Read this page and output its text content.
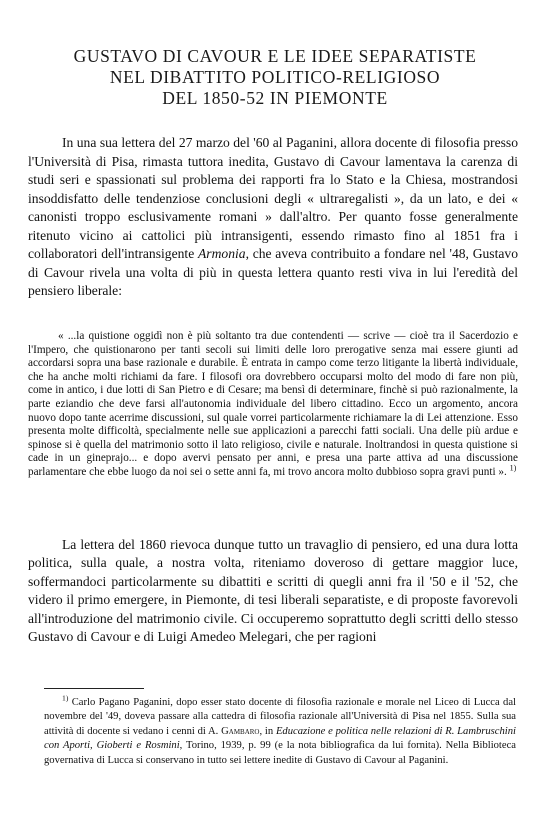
GUSTAVO DI CAVOUR E LE IDEE SEPARATISTE
NEL DIBATTITO POLITICO-RELIGIOSO
DEL 1850-52 IN PIEMONTE

In una sua lettera del 27 marzo del '60 al Paganini, allora docente di filosofia presso l'Università di Pisa, rimasta tuttora inedita, Gustavo di Cavour lamentava la carenza di studi seri e spassionati sul problema dei rapporti fra lo Stato e la Chiesa, mostrandosi insoddisfatto delle tendenziose conclusioni degli « ultraregalisti », da un lato, e dei « canonisti troppo esclusivamente romani » dall'altro. Per quanto fosse generalmente ritenuto vicino ai cattolici più intransigenti, essendo rimasto fino al 1851 fra i collaboratori dell'intransigente Armonia, che aveva contribuito a fondare nel '48, Gustavo di Cavour rivela una volta di più in questa lettera quanto resti viva in lui l'eredità del pensiero liberale:

« ...la quistione oggidì non è più soltanto tra due contendenti — scrive — cioè tra il Sacerdozio e l'Impero, che quistionarono per tanti secoli sui limiti delle loro prerogative senza mai essere giunti ad accordarsi sopra una base razionale e durabile. È entrata in campo come terzo litigante la libertà individuale, che ha anche molti richiami da fare. I filosofi ora dovrebbero occuparsi molto del modo di fare non più, come in antico, i due lotti di San Pietro e di Cesare; ma bensì di determinare, finchè si può razionalmente, la parte eziandio che deve farsi all'autonomia individuale del libero cittadino. Ecco un argomento, ancora nuovo dopo tante acerrime discussioni, sul quale vorrei particolarmente richiamare la di Lei attenzione. Esso presenta molte difficoltà, specialmente nelle sue applicazioni a parecchi fatti sociali. Una delle più ardue e spinose si è quella del matrimonio sotto il lato religioso, civile e naturale. Inoltrandosi in questa quistione si cade in un gineprajo... e dopo avervi pensato per anni, e presa una parte attiva ad una discussione parlamentare che ebbe luogo da noi sei o sette anni fa, mi trovo ancora molto dubbioso sopra gravi punti ». $^{1)}$

La lettera del 1860 rievoca dunque tutto un travaglio di pensiero, ed una dura lotta politica, sulla quale, a nostra volta, riteniamo doveroso di gettare maggior luce, soffermandoci particolarmente su dibattiti e scritti di quegli anni fra il '50 e il '52, che videro il primo emergere, in Piemonte, di tesi liberali separatiste, e di proposte favorevoli all'introduzione del matrimonio civile. Ci occuperemo soprattutto degli scritti dello stesso Gustavo di Cavour e di Luigi Amedeo Melegari, che per ragioni

$^{1)}$ Carlo Pagano Paganini, dopo esser stato docente di filosofia razionale e morale nel Liceo di Lucca dal novembre del '49, doveva passare alla cattedra di filosofia razionale all'Università di Pisa nel 1855. Sulla sua attività di docente si vedano i cenni di A. Gambaro, in Educazione e politica nelle relazioni di R. Lambruschini con Aporti, Gioberti e Rosmini, Torino, 1939, p. 99 (e la nota bibliografica da lui fornita). Nella Biblioteca governativa di Lucca si conservano in tutto sei lettere inedite di Gustavo di Cavour al Paganini.
